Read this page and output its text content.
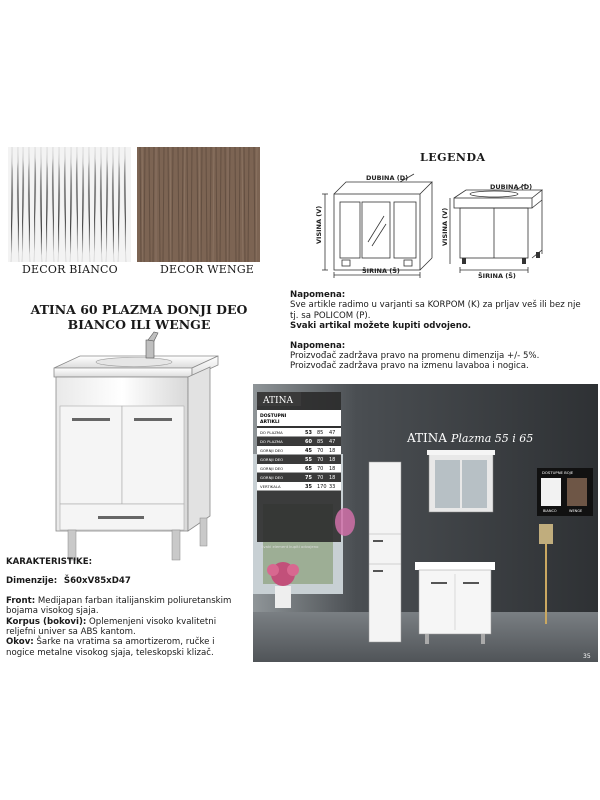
DECOR BIANCO	DECOR WENGE
LEGENDA
VISINA (V)
ŠIRINA (Š)
DUBINA (D)
VISINA (V)
ŠIRINA (Š)
DUBINA (D)
ATINA 60 PLAZMA DONJI DEO
BIANCO ILI WENGE
Napomena:
Sve artikle radimo u varjanti sa KORPOM (K) za prljav veš ili bez nje tj. sa POLICOM (P).
Svaki artikal možete kupiti odvojeno.
Napomena:
Proizvođač zadržava pravo na promenu dimenzija +/- 5%.
Proizvođač zadržava pravo na izmenu lavaboa i nogica.
KARAKTERISTIKE:
Dimenzije: Š60xV85xD47
Front: Medijapan farban italijanskim poliuretanskim bojama visokog sjaja.
Korpus (bokovi): Oplemenjeni visoko kvalitetni reljefni univer sa ABS kantom.
Okov: Šarke na vratima sa amortizerom, ručke i nogice metalne visokog sjaja, teleskopski klizač.
ATINA
DOSTUPNI
ARTIKLI
DO PLAZMA	53 85 47
DO PLAZMA	60 85 47
GORNJI DEO	45 70 18
GORNJI DEO	55 70 18
GORNJI DEO	65 70 18
GORNJI DEO	75 70 18
VERTIKALA	35 170 33
Svaki element kupiti odvojeno
ATINA Plazma 55 i 65
DOSTUPNE BOJE
BIANCO	WENGE
35
